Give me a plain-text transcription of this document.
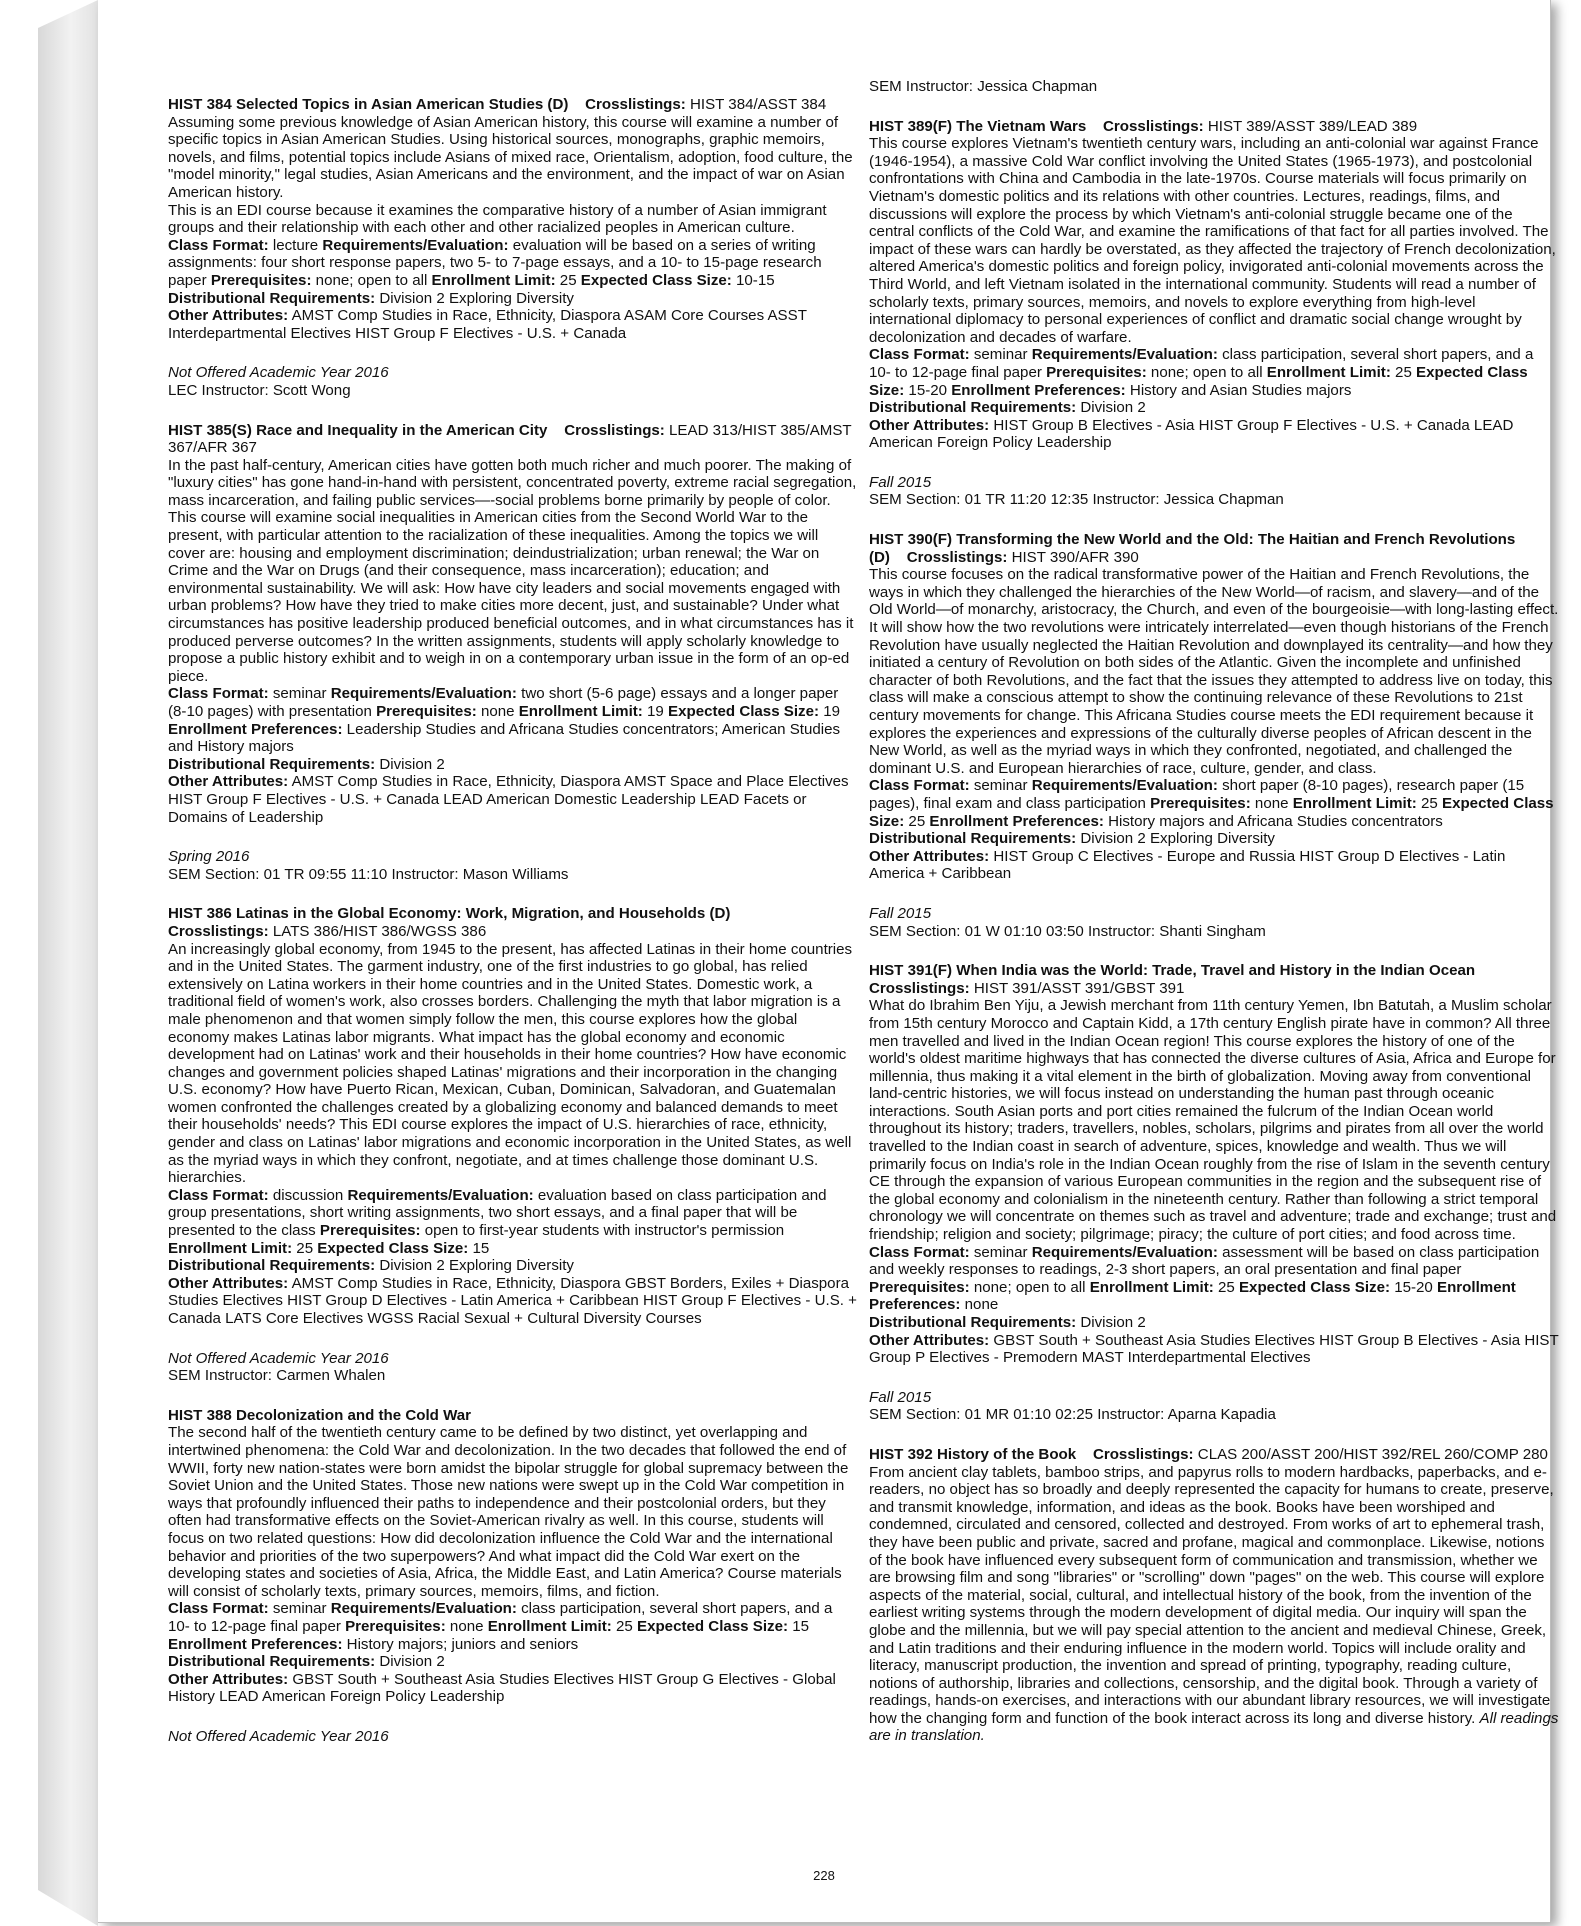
HIST 384 Selected Topics in Asian American Studies (D) Crosslistings: HIST 384/ASST 384

Assuming some previous knowledge of Asian American history, this course will examine a number of specific topics in Asian American Studies. Using historical sources, monographs, graphic memoirs, novels, and films, potential topics include Asians of mixed race, Orientalism, adoption, food culture, the "model minority," legal studies, Asian Americans and the environment, and the impact of war on Asian American history.

This is an EDI course because it examines the comparative history of a number of Asian immigrant groups and their relationship with each other and other racialized peoples in American culture.

Class Format: lecture Requirements/Evaluation: evaluation will be based on a series of writing assignments: four short response papers, two 5- to 7-page essays, and a 10- to 15-page research paper Prerequisites: none; open to all Enrollment Limit: 25 Expected Class Size: 10-15

Distributional Requirements: Division 2 Exploring Diversity

Other Attributes: AMST Comp Studies in Race, Ethnicity, Diaspora ASAM Core Courses ASST Interdepartmental Electives HIST Group F Electives - U.S. + Canada

Not Offered Academic Year 2016

LEC Instructor: Scott Wong

HIST 385(S) Race and Inequality in the American City Crosslistings: LEAD 313/HIST 385/AMST 367/AFR 367

In the past half-century, American cities have gotten both much richer and much poorer. The making of "luxury cities" has gone hand-in-hand with persistent, concentrated poverty, extreme racial segregation, mass incarceration, and failing public services—-social problems borne primarily by people of color. This course will examine social inequalities in American cities from the Second World War to the present, with particular attention to the racialization of these inequalities. Among the topics we will cover are: housing and employment discrimination; deindustrialization; urban renewal; the War on Crime and the War on Drugs (and their consequence, mass incarceration); education; and environmental sustainability. We will ask: How have city leaders and social movements engaged with urban problems? How have they tried to make cities more decent, just, and sustainable? Under what circumstances has positive leadership produced beneficial outcomes, and in what circumstances has it produced perverse outcomes? In the written assignments, students will apply scholarly knowledge to propose a public history exhibit and to weigh in on a contemporary urban issue in the form of an op-ed piece.

Class Format: seminar Requirements/Evaluation: two short (5-6 page) essays and a longer paper (8-10 pages) with presentation Prerequisites: none Enrollment Limit: 19 Expected Class Size: 19 Enrollment Preferences: Leadership Studies and Africana Studies concentrators; American Studies and History majors

Distributional Requirements: Division 2

Other Attributes: AMST Comp Studies in Race, Ethnicity, Diaspora AMST Space and Place Electives HIST Group F Electives - U.S. + Canada LEAD American Domestic Leadership LEAD Facets or Domains of Leadership

Spring 2016

SEM Section: 01 TR 09:55 11:10 Instructor: Mason Williams

HIST 386 Latinas in the Global Economy: Work, Migration, and Households (D)
Crosslistings: LATS 386/HIST 386/WGSS 386

An increasingly global economy, from 1945 to the present, has affected Latinas in their home countries and in the United States. The garment industry, one of the first industries to go global, has relied extensively on Latina workers in their home countries and in the United States. Domestic work, a traditional field of women's work, also crosses borders. Challenging the myth that labor migration is a male phenomenon and that women simply follow the men, this course explores how the global economy makes Latinas labor migrants. What impact has the global economy and economic development had on Latinas' work and their households in their home countries? How have economic changes and government policies shaped Latinas' migrations and their incorporation in the changing U.S. economy? How have Puerto Rican, Mexican, Cuban, Dominican, Salvadoran, and Guatemalan women confronted the challenges created by a globalizing economy and balanced demands to meet their households' needs? This EDI course explores the impact of U.S. hierarchies of race, ethnicity, gender and class on Latinas' labor migrations and economic incorporation in the United States, as well as the myriad ways in which they confront, negotiate, and at times challenge those dominant U.S. hierarchies.

Class Format: discussion Requirements/Evaluation: evaluation based on class participation and group presentations, short writing assignments, two short essays, and a final paper that will be presented to the class Prerequisites: open to first-year students with instructor's permission Enrollment Limit: 25 Expected Class Size: 15

Distributional Requirements: Division 2 Exploring Diversity

Other Attributes: AMST Comp Studies in Race, Ethnicity, Diaspora GBST Borders, Exiles + Diaspora Studies Electives HIST Group D Electives - Latin America + Caribbean HIST Group F Electives - U.S. + Canada LATS Core Electives WGSS Racial Sexual + Cultural Diversity Courses

Not Offered Academic Year 2016

SEM Instructor: Carmen Whalen

HIST 388 Decolonization and the Cold War

The second half of the twentieth century came to be defined by two distinct, yet overlapping and intertwined phenomena: the Cold War and decolonization. In the two decades that followed the end of WWII, forty new nation-states were born amidst the bipolar struggle for global supremacy between the Soviet Union and the United States. Those new nations were swept up in the Cold War competition in ways that profoundly influenced their paths to independence and their postcolonial orders, but they often had transformative effects on the Soviet-American rivalry as well. In this course, students will focus on two related questions: How did decolonization influence the Cold War and the international behavior and priorities of the two superpowers? And what impact did the Cold War exert on the developing states and societies of Asia, Africa, the Middle East, and Latin America? Course materials will consist of scholarly texts, primary sources, memoirs, films, and fiction.

Class Format: seminar Requirements/Evaluation: class participation, several short papers, and a 10- to 12-page final paper Prerequisites: none Enrollment Limit: 25 Expected Class Size: 15 Enrollment Preferences: History majors; juniors and seniors

Distributional Requirements: Division 2

Other Attributes: GBST South + Southeast Asia Studies Electives HIST Group G Electives - Global History LEAD American Foreign Policy Leadership

Not Offered Academic Year 2016

SEM Instructor: Jessica Chapman

HIST 389(F) The Vietnam Wars Crosslistings: HIST 389/ASST 389/LEAD 389

This course explores Vietnam's twentieth century wars, including an anti-colonial war against France (1946-1954), a massive Cold War conflict involving the United States (1965-1973), and postcolonial confrontations with China and Cambodia in the late-1970s. Course materials will focus primarily on Vietnam's domestic politics and its relations with other countries. Lectures, readings, films, and discussions will explore the process by which Vietnam's anti-colonial struggle became one of the central conflicts of the Cold War, and examine the ramifications of that fact for all parties involved. The impact of these wars can hardly be overstated, as they affected the trajectory of French decolonization, altered America's domestic politics and foreign policy, invigorated anti-colonial movements across the Third World, and left Vietnam isolated in the international community. Students will read a number of scholarly texts, primary sources, memoirs, and novels to explore everything from high-level international diplomacy to personal experiences of conflict and dramatic social change wrought by decolonization and decades of warfare.

Class Format: seminar Requirements/Evaluation: class participation, several short papers, and a 10- to 12-page final paper Prerequisites: none; open to all Enrollment Limit: 25 Expected Class Size: 15-20 Enrollment Preferences: History and Asian Studies majors

Distributional Requirements: Division 2

Other Attributes: HIST Group B Electives - Asia HIST Group F Electives - U.S. + Canada LEAD American Foreign Policy Leadership

Fall 2015

SEM Section: 01 TR 11:20 12:35 Instructor: Jessica Chapman

HIST 390(F) Transforming the New World and the Old: The Haitian and French Revolutions (D) Crosslistings: HIST 390/AFR 390

This course focuses on the radical transformative power of the Haitian and French Revolutions, the ways in which they challenged the hierarchies of the New World—of racism, and slavery—and of the Old World—of monarchy, aristocracy, the Church, and even of the bourgeoisie—with long-lasting effect. It will show how the two revolutions were intricately interrelated—even though historians of the French Revolution have usually neglected the Haitian Revolution and downplayed its centrality—and how they initiated a century of Revolution on both sides of the Atlantic. Given the incomplete and unfinished character of both Revolutions, and the fact that the issues they attempted to address live on today, this class will make a conscious attempt to show the continuing relevance of these Revolutions to 21st century movements for change. This Africana Studies course meets the EDI requirement because it explores the experiences and expressions of the culturally diverse peoples of African descent in the New World, as well as the myriad ways in which they confronted, negotiated, and challenged the dominant U.S. and European hierarchies of race, culture, gender, and class.

Class Format: seminar Requirements/Evaluation: short paper (8-10 pages), research paper (15 pages), final exam and class participation Prerequisites: none Enrollment Limit: 25 Expected Class Size: 25 Enrollment Preferences: History majors and Africana Studies concentrators

Distributional Requirements: Division 2 Exploring Diversity

Other Attributes: HIST Group C Electives - Europe and Russia HIST Group D Electives - Latin America + Caribbean

Fall 2015

SEM Section: 01 W 01:10 03:50 Instructor: Shanti Singham

HIST 391(F) When India was the World: Trade, Travel and History in the Indian Ocean
Crosslistings: HIST 391/ASST 391/GBST 391

What do Ibrahim Ben Yiju, a Jewish merchant from 11th century Yemen, Ibn Batutah, a Muslim scholar from 15th century Morocco and Captain Kidd, a 17th century English pirate have in common? All three men travelled and lived in the Indian Ocean region! This course explores the history of one of the world's oldest maritime highways that has connected the diverse cultures of Asia, Africa and Europe for millennia, thus making it a vital element in the birth of globalization. Moving away from conventional land-centric histories, we will focus instead on understanding the human past through oceanic interactions. South Asian ports and port cities remained the fulcrum of the Indian Ocean world throughout its history; traders, travellers, nobles, scholars, pilgrims and pirates from all over the world travelled to the Indian coast in search of adventure, spices, knowledge and wealth. Thus we will primarily focus on India's role in the Indian Ocean roughly from the rise of Islam in the seventh century CE through the expansion of various European communities in the region and the subsequent rise of the global economy and colonialism in the nineteenth century. Rather than following a strict temporal chronology we will concentrate on themes such as travel and adventure; trade and exchange; trust and friendship; religion and society; pilgrimage; piracy; the culture of port cities; and food across time.

Class Format: seminar Requirements/Evaluation: assessment will be based on class participation and weekly responses to readings, 2-3 short papers, an oral presentation and final paper Prerequisites: none; open to all Enrollment Limit: 25 Expected Class Size: 15-20 Enrollment Preferences: none

Distributional Requirements: Division 2

Other Attributes: GBST South + Southeast Asia Studies Electives HIST Group B Electives - Asia HIST Group P Electives - Premodern MAST Interdepartmental Electives

Fall 2015

SEM Section: 01 MR 01:10 02:25 Instructor: Aparna Kapadia

HIST 392 History of the Book Crosslistings: CLAS 200/ASST 200/HIST 392/REL 260/COMP 280

From ancient clay tablets, bamboo strips, and papyrus rolls to modern hardbacks, paperbacks, and e-readers, no object has so broadly and deeply represented the capacity for humans to create, preserve, and transmit knowledge, information, and ideas as the book. Books have been worshiped and condemned, circulated and censored, collected and destroyed. From works of art to ephemeral trash, they have been public and private, sacred and profane, magical and commonplace. Likewise, notions of the book have influenced every subsequent form of communication and transmission, whether we are browsing film and song "libraries" or "scrolling" down "pages" on the web. This course will explore aspects of the material, social, cultural, and intellectual history of the book, from the invention of the earliest writing systems through the modern development of digital media. Our inquiry will span the globe and the millennia, but we will pay special attention to the ancient and medieval Chinese, Greek, and Latin traditions and their enduring influence in the modern world. Topics will include orality and literacy, manuscript production, the invention and spread of printing, typography, reading culture, notions of authorship, libraries and collections, censorship, and the digital book. Through a variety of readings, hands-on exercises, and interactions with our abundant library resources, we will investigate how the changing form and function of the book interact across its long and diverse history. All readings are in translation.

228
